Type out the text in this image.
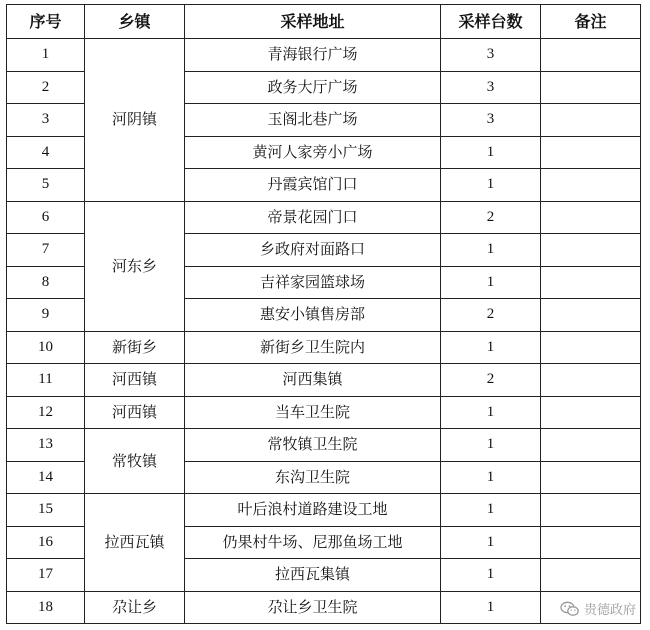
序号	乡镇	采样地址	采样台数	备注
1	河阴镇	青海银行广场	3	
2		政务大厅广场	3	
3		玉阁北巷广场	3	
4		黄河人家旁小广场	1	
5		丹霞宾馆门口	1	
6	河东乡	帝景花园门口	2	
7		乡政府对面路口	1	
8		吉祥家园篮球场	1	
9		惠安小镇售房部	2	
10	新街乡	新街乡卫生院内	1	
11	河西镇	河西集镇	2	
12	河西镇	当车卫生院	1	
13	常牧镇	常牧镇卫生院	1	
14		东沟卫生院	1	
15	拉西瓦镇	叶后浪村道路建设工地	1	
16		仍果村牛场、尼那鱼场工地	1	
17		拉西瓦集镇	1	
18	尕让乡	尕让乡卫生院	1		贵德政府
